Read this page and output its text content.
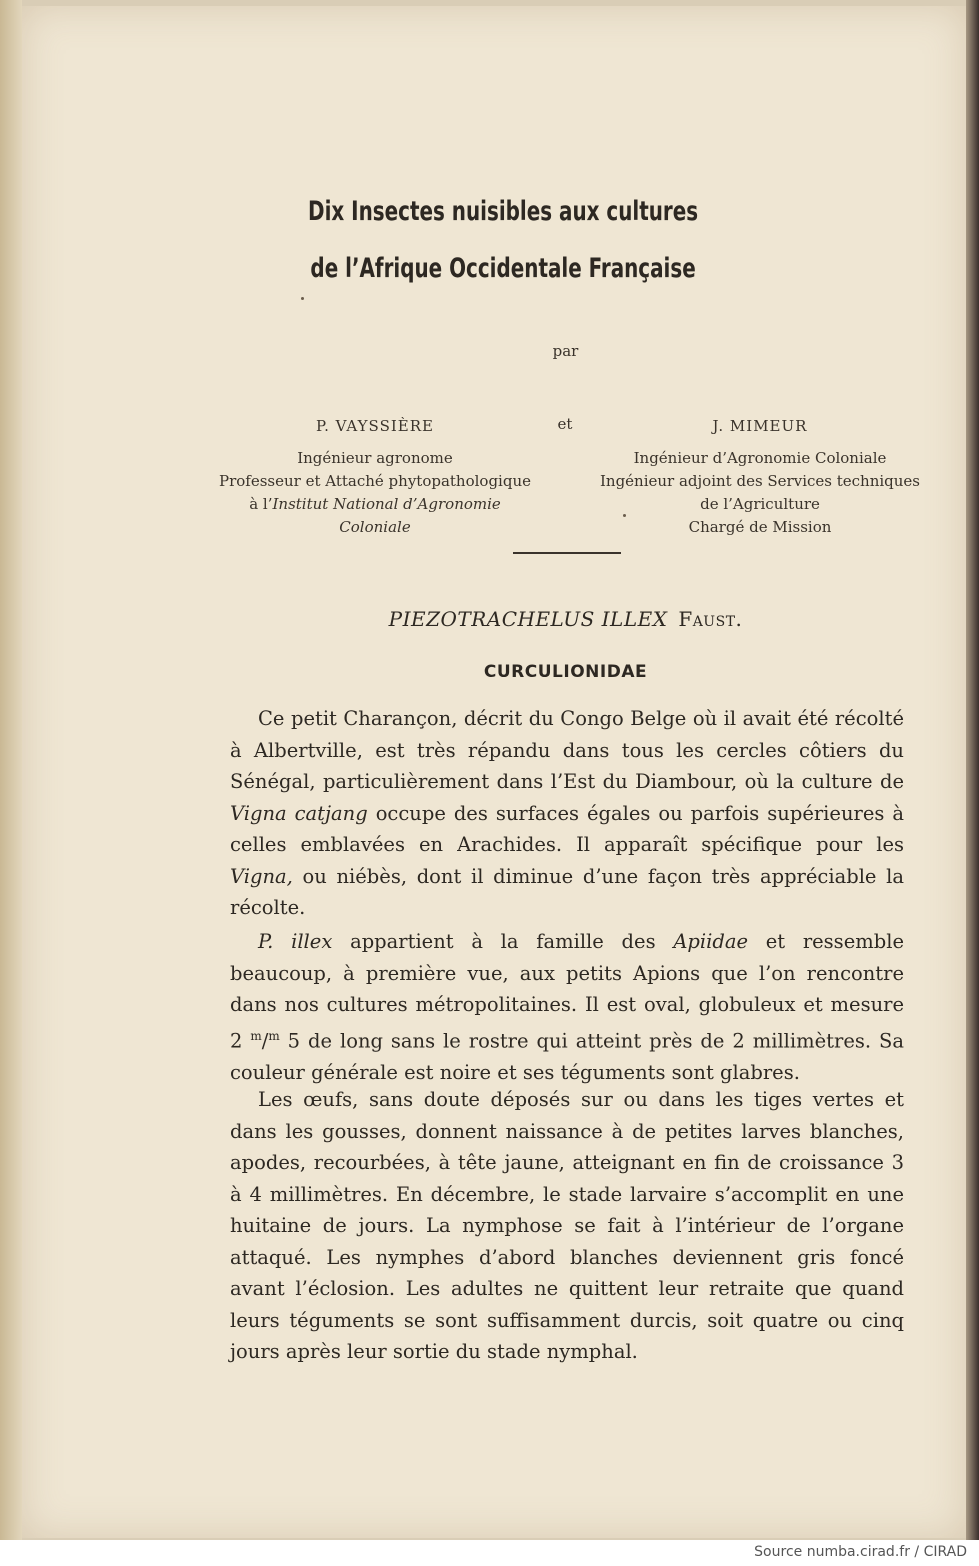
Dix Insectes nuisibles aux cultures
de l’Afrique Occidentale Française
par
P. VAYSSIÈRE
Ingénieur agronome
Professeur et Attaché phytopathologique
à l’Institut National d’Agronomie
Coloniale
et	J. MIMEUR
Ingénieur d’Agronomie Coloniale
Ingénieur adjoint des Services techniques
de l’Agriculture
Chargé de Mission
PIEZOTRACHELUS ILLEX Faust.
CURCULIONIDAE

Ce petit Charançon, décrit du Congo Belge où il avait été récolté à Albertville, est très répandu dans tous les cercles côtiers du Sénégal, particulièrement dans l’Est du Diambour, où la culture de Vigna catjang occupe des surfaces égales ou parfois supérieures à celles emblavées en Arachides. Il apparaît spécifique pour les Vigna, ou niébès, dont il diminue d’une façon très appréciable la récolte.

P. illex appartient à la famille des Apiidae et ressemble beaucoup, à première vue, aux petits Apions que l’on rencontre dans nos cultures métropolitaines. Il est oval, globuleux et mesure 2 $^m$/$^m$ 5 de long sans le rostre qui atteint près de 2 millimètres. Sa couleur générale est noire et ses téguments sont glabres.

Les œufs, sans doute déposés sur ou dans les tiges vertes et dans les gousses, donnent naissance à de petites larves blanches, apodes, recourbées, à tête jaune, atteignant en fin de croissance 3 à 4 millimètres. En décembre, le stade larvaire s’accomplit en une huitaine de jours. La nymphose se fait à l’intérieur de l’organe attaqué. Les nymphes d’abord blanches deviennent gris foncé avant l’éclosion. Les adultes ne quittent leur retraite que quand leurs téguments se sont suffisamment durcis, soit quatre ou cinq jours après leur sortie du stade nymphal.

Source numba.cirad.fr / CIRAD
